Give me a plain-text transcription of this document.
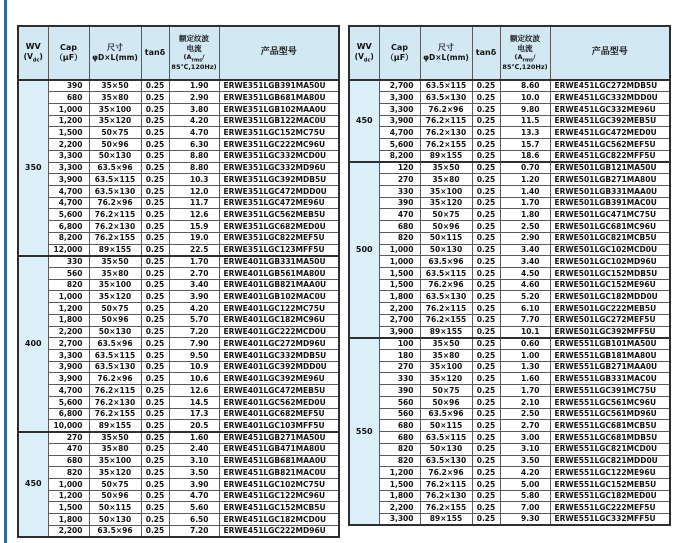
WV
$(V_{dc})$	Cap
（μF）	尺寸
φD×L(mm)	tanδ	额定纹波
电流
($A_{rms}/$
85℃,120Hz)	产品型号
350	390	35×50	0.25	1.90	ERWE351LGB391MA50U
	680	35×80	0.25	2.90	ERWE351LGB681MA80U
	1,000	35×100	0.25	3.80	ERWE351LGB102MAA0U
	1,200	35×120	0.25	4.20	ERWE351LGB122MAC0U
	1,500	50×75	0.25	4.70	ERWE351LGC152MC75U
	2,200	50×96	0.25	6.30	ERWE351LGC222MC96U
	3,300	50×130	0.25	8.80	ERWE351LGC332MCD0U
	3,300	63.5×96	0.25	8.80	ERWE351LGC332MD96U
	3,900	63.5×115	0.25	10.3	ERWE351LGC392MDB5U
	4,700	63.5×130	0.25	12.0	ERWE351LGC472MDD0U
	4,700	76.2×96	0.25	11.7	ERWE351LGC472ME96U
	5,600	76.2×115	0.25	12.6	ERWE351LGC562MEB5U
	6,800	76.2×130	0.25	15.9	ERWE351LGC682MED0U
	8,200	76.2×155	0.25	19.0	ERWE351LGC822MEF5U
	12,000	89×155	0.25	22.5	ERWE351LGC123MFF5U
400	330	35×50	0.25	1.70	ERWE401LGB331MA50U
	560	35×80	0.25	2.70	ERWE401LGB561MA80U
	820	35×100	0.25	3.40	ERWE401LGB821MAA0U
	1,000	35×120	0.25	3.90	ERWE401LGB102MAC0U
	1,200	50×75	0.25	4.20	ERWE401LGC122MC75U
	1,800	50×96	0.25	5.70	ERWE401LGC182MC96U
	2,200	50×130	0.25	7.20	ERWE401LGC222MCD0U
	2,700	63.5×96	0.25	7.90	ERWE401LGC272MD96U
	3,300	63.5×115	0.25	9.50	ERWE401LGC332MDB5U
	3,900	63.5×130	0.25	10.9	ERWE401LGC392MDD0U
	3,900	76.2×96	0.25	10.6	ERWE401LGC392ME96U
	4,700	76.2×115	0.25	12.6	ERWE401LGC472MEB5U
	5,600	76.2×130	0.25	14.5	ERWE401LGC562MED0U
	6,800	76.2×155	0.25	17.3	ERWE401LGC682MEF5U
	10,000	89×155	0.25	20.5	ERWE401LGC103MFF5U
450	270	35×50	0.25	1.60	ERWE451LGB271MA50U
	470	35×80	0.25	2.40	ERWE451LGB471MA80U
	680	35×100	0.25	3.10	ERWE451LGB681MAA0U
	820	35×120	0.25	3.50	ERWE451LGB821MAC0U
	1,000	50×75	0.25	3.90	ERWE451LGC102MC75U
	1,200	50×96	0.25	4.70	ERWE451LGC122MC96U
	1,500	50×115	0.25	5.60	ERWE451LGC152MCB5U
	1,800	50×130	0.25	6.50	ERWE451LGC182MCD0U
	2,200	63.5×96	0.25	7.20	ERWE451LGC222MD96U
WV
$(V_{dc})$	Cap
（μF）	尺寸
φD×L(mm)	tanδ	额定纹波
电流
($A_{rms}/$
85℃,120Hz)	产品型号
450	2,700	63.5×115	0.25	8.60	ERWE451LGC272MDB5U
	3,300	63.5×130	0.25	10.0	ERWE451LGC332MDD0U
	3,300	76.2×96	0.25	9.80	ERWE451LGC332ME96U
	3,900	76.2×115	0.25	11.5	ERWE451LGC392MEB5U
	4,700	76.2×130	0.25	13.3	ERWE451LGC472MED0U
	5,600	76.2×155	0.25	15.7	ERWE451LGC562MEF5U
	8,200	89×155	0.25	18.6	ERWE451LGC822MFF5U
500	120	35×50	0.25	0.70	ERWE501LGB121MA50U
	270	35×80	0.25	1.20	ERWE501LGB271MA80U
	330	35×100	0.25	1.40	ERWE501LGB331MAA0U
	390	35×120	0.25	1.70	ERWE501LGB391MAC0U
	470	50×75	0.25	1.80	ERWE501LGC471MC75U
	680	50×96	0.25	2.50	ERWE501LGC681MC96U
	820	50×115	0.25	2.90	ERWE501LGC821MCB5U
	1,000	50×130	0.25	3.40	ERWE501LGC102MCD0U
	1,000	63.5×96	0.25	3.40	ERWE501LGC102MD96U
	1,500	63.5×115	0.25	4.50	ERWE501LGC152MDB5U
	1,500	76.2×96	0.25	4.60	ERWE501LGC152ME96U
	1,800	63.5×130	0.25	5.20	ERWE501LGC182MDD0U
	2,200	76.2×115	0.25	6.10	ERWE501LGC222MEB5U
	2,700	76.2×155	0.25	7.70	ERWE501LGC272MEF5U
	3,900	89×155	0.25	10.1	ERWE501LGC392MFF5U
550	100	35×50	0.25	0.60	ERWE551LGB101MA50U
	180	35×80	0.25	1.00	ERWE551LGB181MA80U
	270	35×100	0.25	1.30	ERWE551LGB271MAA0U
	330	35×120	0.25	1.60	ERWE551LGB331MAC0U
	390	50×75	0.25	1.70	ERWE551LGC391MC75U
	560	50×96	0.25	2.10	ERWE551LGC561MC96U
	560	63.5×96	0.25	2.50	ERWE551LGC561MD96U
	680	50×115	0.25	2.70	ERWE551LGC681MCB5U
	680	63.5×115	0.25	3.00	ERWE551LGC681MDB5U
	820	50×130	0.25	3.10	ERWE551LGC821MCD0U
	820	63.5×130	0.25	3.50	ERWE551LGC821MDD0U
	1,200	76.2×96	0.25	4.20	ERWE551LGC122ME96U
	1,500	76.2×115	0.25	5.00	ERWE551LGC152MEB5U
	1,800	76.2×130	0.25	5.80	ERWE551LGC182MED0U
	2,200	76.2×155	0.25	7.00	ERWE551LGC222MEF5U
	3,300	89×155	0.25	9.30	ERWE551LGC332MFF5U
